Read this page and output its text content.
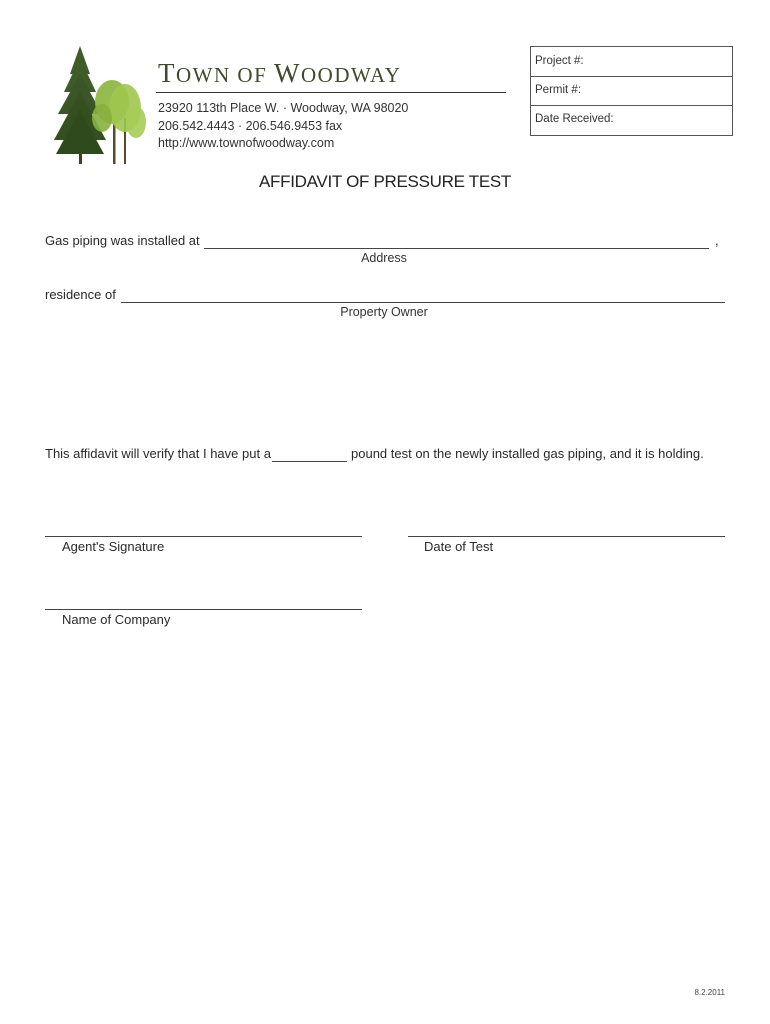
TOWN OF WOODWAY
23920 113th Place W. · Woodway, WA 98020
206.542.4443 · 206.546.9453 fax
http://www.townofwoodway.com
Project #:
Permit #:
Date Received:
AFFIDAVIT OF PRESSURE TEST
Gas piping was installed at	,
Address
residence of
Property Owner
This affidavit will verify that I have put a	pound test on the newly installed gas piping, and it is holding.
Agent's Signature	Date of Test
Name of Company
8.2.2011
